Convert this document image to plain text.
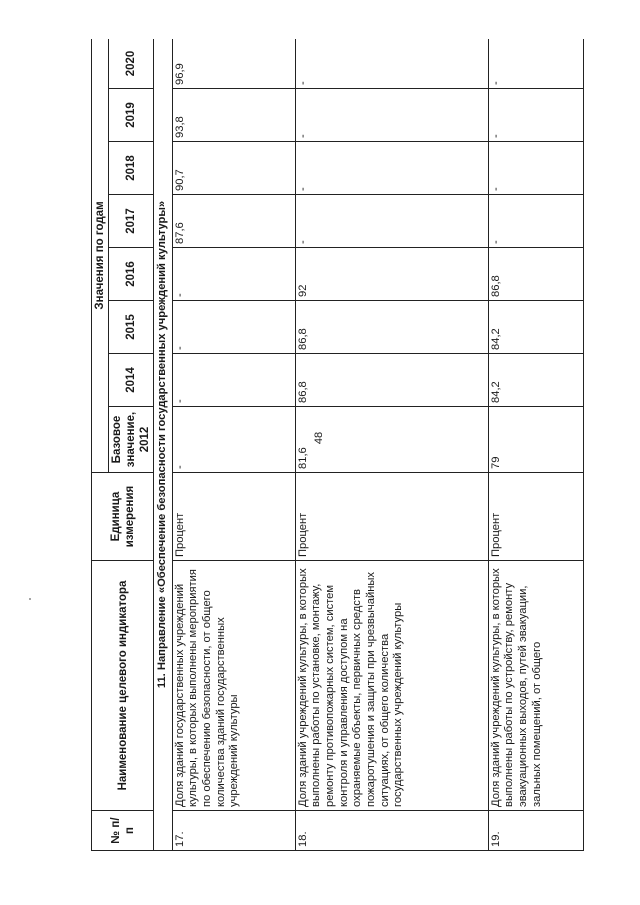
48
№ п/п	Наименование целевого индикатора	Единица измерения	Значения по годам							
			Базовое значение, 2012	2014	2015	2016	2017	2018	2019	2020
11. Направление «Обеспечение безопасности государственных учреждений культуры»										
17.	Доля зданий государственных учреждений культуры, в которых выполнены мероприятия по обеспечению безопасности, от общего количества зданий государственных учреждений культуры	Процент	-	-	-	-	87,6	90,7	93,8	96,9
18.	Доля зданий учреждений культуры, в которых выполнены работы по установке, монтажу, ремонту противопожарных систем, систем контроля и управления доступом на охраняемые объекты, первичных средств пожаротушения и защиты при чрезвычайных ситуациях, от общего количества государственных учреждений культуры	Процент	81,6	86,8	86,8	92	-	-	-	-
19.	Доля зданий учреждений культуры, в которых выполнены работы по устройству, ремонту эвакуационных выходов, путей эвакуации, зальных помещений, от общего	Процент	79	84,2	84,2	86,8	-	-	-	-
